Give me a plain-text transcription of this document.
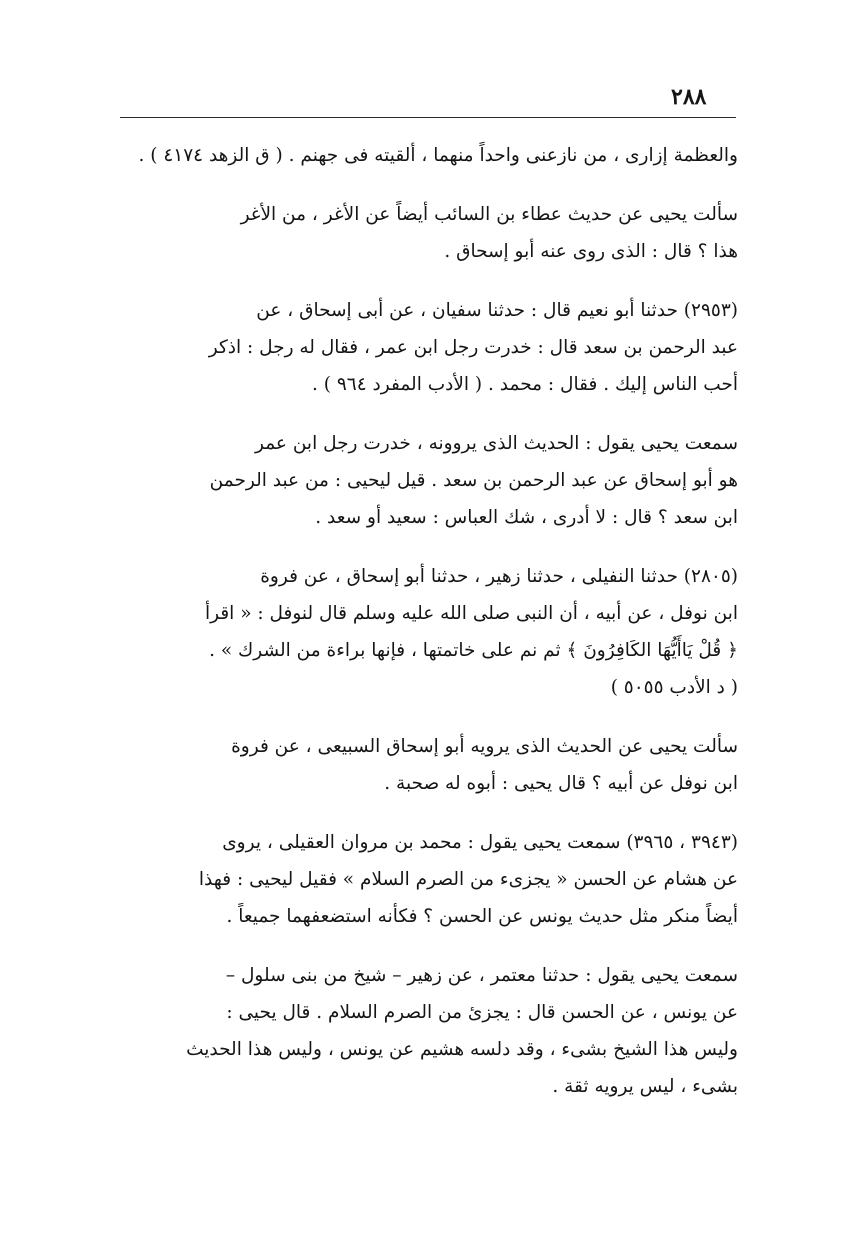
٢٨٨
والعظمة إزارى ، من نازعنى واحداً منهما ، ألقيته فى جهنم . ( ق الزهد ٤١٧٤ ) .
سألت يحيى عن حديث عطاء بن السائب أيضاً عن الأغر ، من الأغر
هذا ؟ قال : الذى روى عنه أبو إسحاق .
(٢٩٥٣) حدثنا أبو نعيم قال : حدثنا سفيان ، عن أبى إسحاق ، عن
عبد الرحمن بن سعد قال : خدرت رجل ابن عمر ، فقال له رجل : اذكر
أحب الناس إليك . فقال : محمد . ( الأدب المفرد ٩٦٤ ) .
سمعت يحيى يقول : الحديث الذى يروونه ، خدرت رجل ابن عمر
هو أبو إسحاق عن عبد الرحمن بن سعد . قيل ليحيى : من عبد الرحمن
ابن سعد ؟ قال : لا أدرى ، شك العباس : سعيد أو سعد .
(٢٨٠٥) حدثنا النفيلى ، حدثنا زهير ، حدثنا أبو إسحاق ، عن فروة
ابن نوفل ، عن أبيه ، أن النبى صلى الله عليه وسلم قال لنوفل : « اقرأ
﴿ قُلْ يَاأَيُّهَا الكَافِرُونَ ﴾ ثم نم على خاتمتها ، فإنها براءة من الشرك » .
( د الأدب ٥٠٥٥ )
سألت يحيى عن الحديث الذى يرويه أبو إسحاق السبيعى ، عن فروة
ابن نوفل عن أبيه ؟ قال يحيى : أبوه له صحبة .
(٣٩٤٣ ، ٣٩٦٥) سمعت يحيى يقول : محمد بن مروان العقيلى ، يروى
عن هشام عن الحسن « يجزىء من الصرم السلام » فقيل ليحيى : فهذا
أيضاً منكر مثل حديث يونس عن الحسن ؟ فكأنه استضعفهما جميعاً .
سمعت يحيى يقول : حدثنا معتمر ، عن زهير – شيخ من بنى سلول –
عن يونس ، عن الحسن قال : يجزئ من الصرم السلام . قال يحيى :
وليس هذا الشيخ بشىء ، وقد دلسه هشيم عن يونس ، وليس هذا الحديث
بشىء ، ليس يرويه ثقة .
